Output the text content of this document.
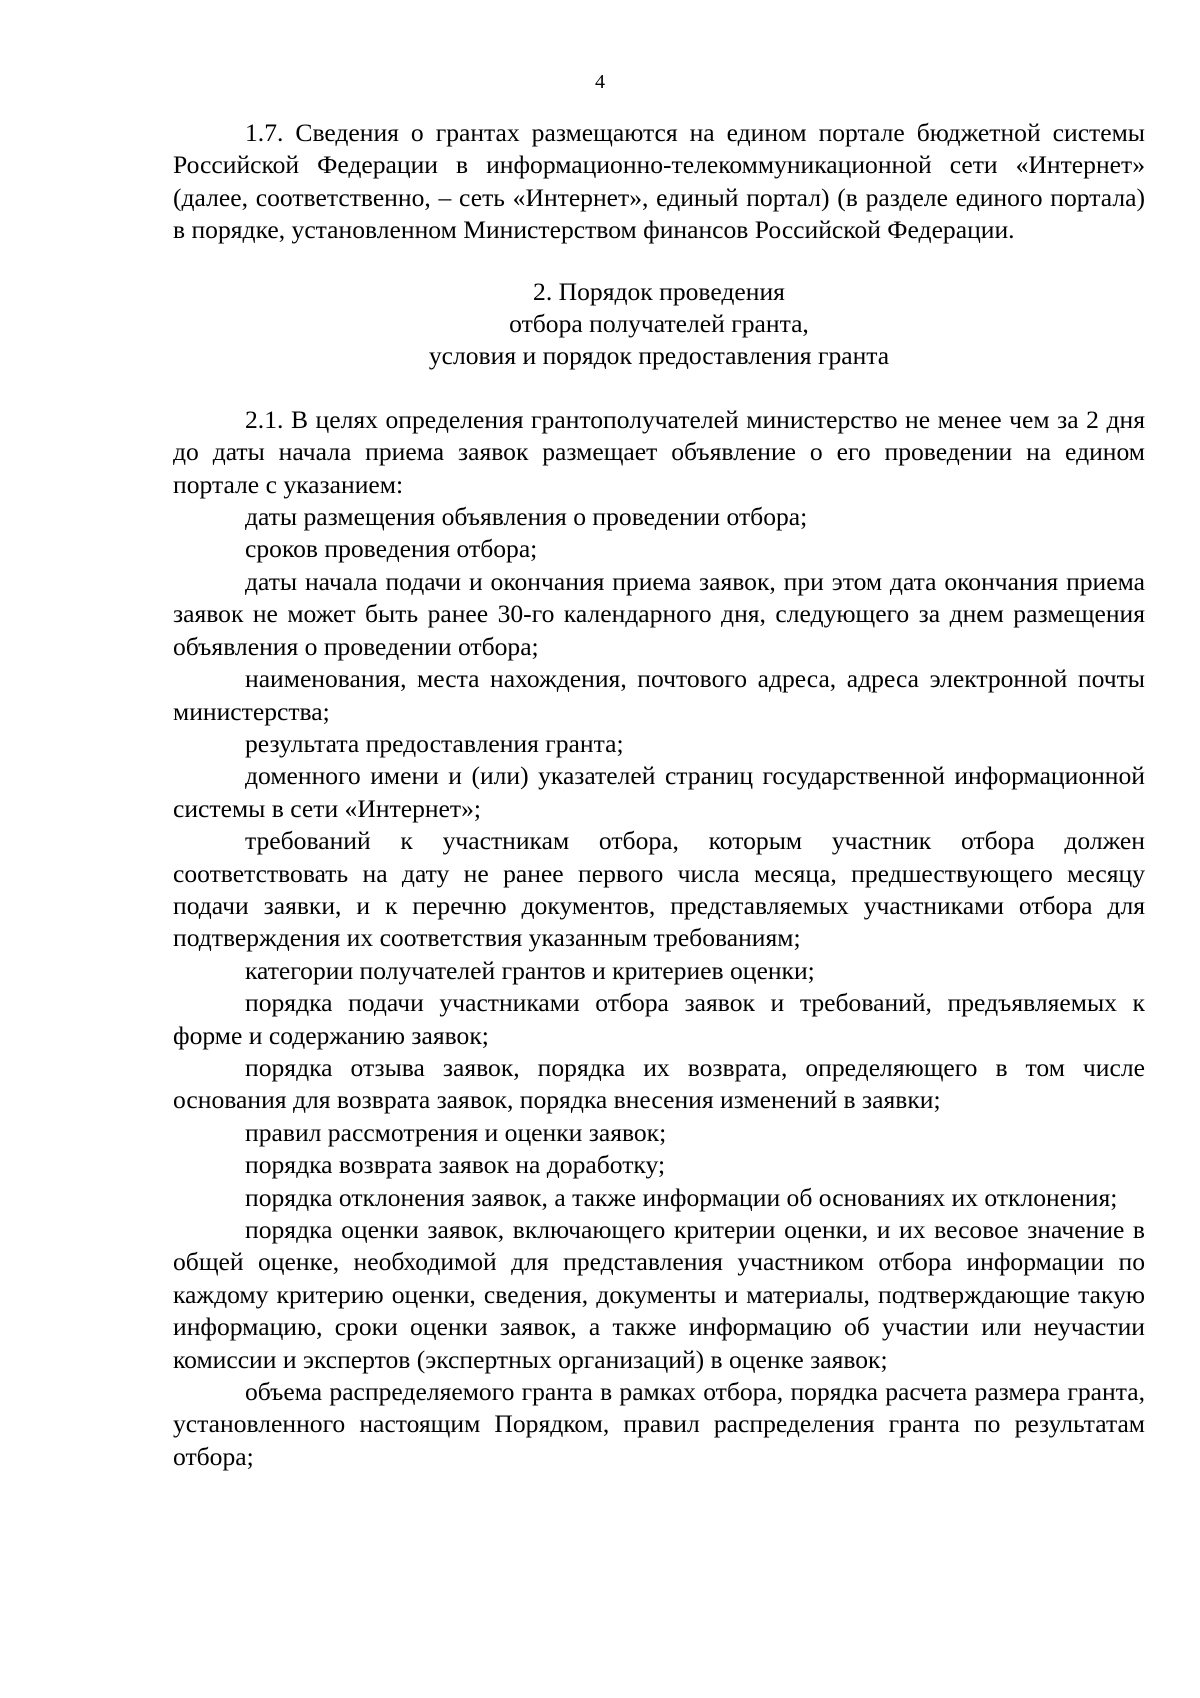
4

1.7. Сведения о грантах размещаются на едином портале бюджетной системы Российской Федерации в информационно-телекоммуникационной сети «Интернет» (далее, соответственно, – сеть «Интернет», единый портал) (в разделе единого портала) в порядке, установленном Министерством финансов Российской Федерации.

2. Порядок проведения
отбора получателей гранта,
условия и порядок предоставления гранта

2.1. В целях определения грантополучателей министерство не менее чем за 2 дня до даты начала приема заявок размещает объявление о его проведении на едином портале с указанием:

даты размещения объявления о проведении отбора;

сроков проведения отбора;

даты начала подачи и окончания приема заявок, при этом дата окончания приема заявок не может быть ранее 30-го календарного дня, следующего за днем размещения объявления о проведении отбора;

наименования, места нахождения, почтового адреса, адреса электронной почты министерства;

результата предоставления гранта;

доменного имени и (или) указателей страниц государственной информационной системы в сети «Интернет»;

требований к участникам отбора, которым участник отбора должен соответствовать на дату не ранее первого числа месяца, предшествующего месяцу подачи заявки, и к перечню документов, представляемых участниками отбора для подтверждения их соответствия указанным требованиям;

категории получателей грантов и критериев оценки;

порядка подачи участниками отбора заявок и требований, предъявляемых к форме и содержанию заявок;

порядка отзыва заявок, порядка их возврата, определяющего в том числе основания для возврата заявок, порядка внесения изменений в заявки;

правил рассмотрения и оценки заявок;

порядка возврата заявок на доработку;

порядка отклонения заявок, а также информации об основаниях их отклонения;

порядка оценки заявок, включающего критерии оценки, и их весовое значение в общей оценке, необходимой для представления участником отбора информации по каждому критерию оценки, сведения, документы и материалы, подтверждающие такую информацию, сроки оценки заявок, а также информацию об участии или неучастии комиссии и экспертов (экспертных организаций) в оценке заявок;

объема распределяемого гранта в рамках отбора, порядка расчета размера гранта, установленного настоящим Порядком, правил распределения гранта по результатам отбора;
